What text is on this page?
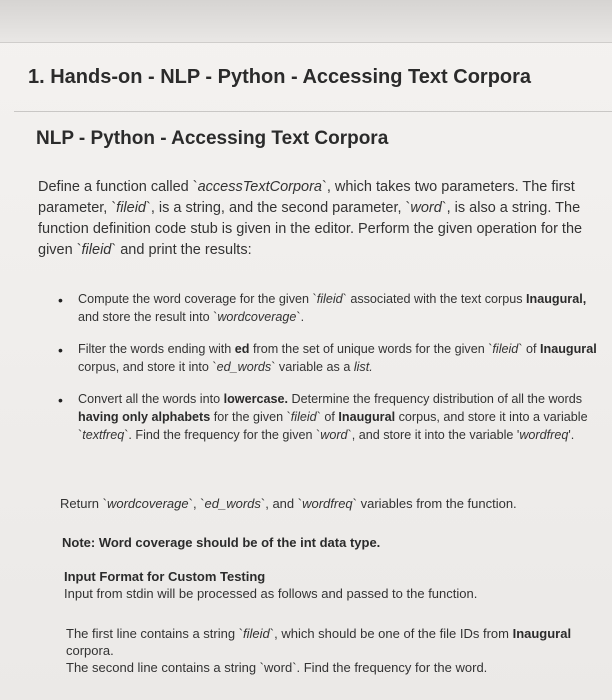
1. Hands-on - NLP - Python - Accessing Text Corpora
NLP - Python - Accessing Text Corpora

Define a function called `accessTextCorpora`, which takes two parameters. The first parameter, `fileid`, is a string, and the second parameter, `word`, is also a string. The function definition code stub is given in the editor. Perform the given operation for the given `fileid` and print the results:

• Compute the word coverage for the given `fileid` associated with the text corpus Inaugural, and store the result into `wordcoverage`.
• Filter the words ending with ed from the set of unique words for the given `fileid` of Inaugural corpus, and store it into `ed_words` variable as a list.
• Convert all the words into lowercase. Determine the frequency distribution of all the words having only alphabets for the given `fileid` of Inaugural corpus, and store it into a variable `textfreq`. Find the frequency for the given `word`, and store it into the variable 'wordfreq'.

Return `wordcoverage`, `ed_words`, and `wordfreq` variables from the function.

Note: Word coverage should be of the int data type.

Input Format for Custom Testing

Input from stdin will be processed as follows and passed to the function.

The first line contains a string `fileid`, which should be one of the file IDs from Inaugural corpora.
The second line contains a string `word`. Find the frequency for the word.
